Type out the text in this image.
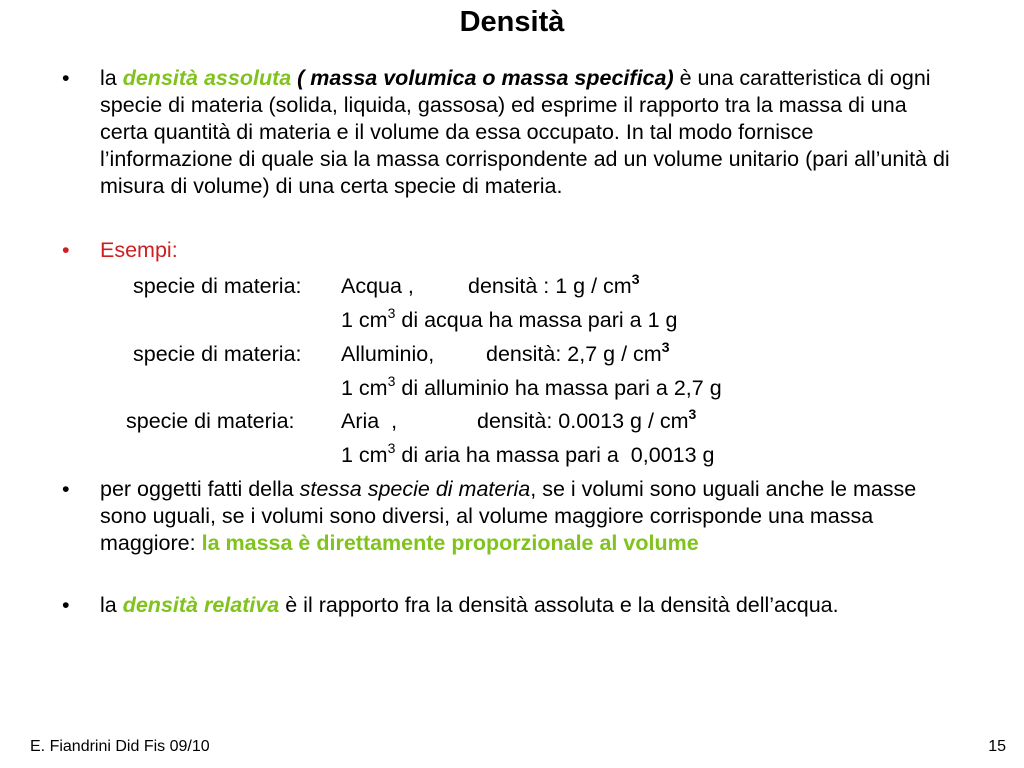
Densità
• la densità assoluta ( massa volumica o massa specifica) è una caratteristica di ogni specie di materia (solida, liquida, gassosa) ed esprime il rapporto tra la massa di una certa quantità di materia e il volume da essa occupato. In tal modo fornisce l’informazione di quale sia la massa corrispondente ad un volume unitario (pari all’unità di misura di volume) di una certa specie di materia.
• Esempi:
specie di materia: Acqua ,	densità : 1 g / $cm^3$
1 $cm^3$ di acqua ha massa pari a 1 g
specie di materia: Alluminio, densità: 2,7 g / $cm^3$
1 $cm^3$ di alluminio ha massa pari a 2,7 g
specie di materia: Aria  ,	densità: 0.0013 g / $cm^3$
1 $cm^3$ di aria ha massa pari a  0,0013 g
• per oggetti fatti della stessa specie di materia, se i volumi sono uguali anche le masse sono uguali, se i volumi sono diversi, al volume maggiore corrisponde una massa maggiore: la massa è direttamente proporzionale al volume
• la densità relativa è il rapporto fra la densità assoluta e la densità dell’acqua.
E. Fiandrini Did Fis 09/10	15
